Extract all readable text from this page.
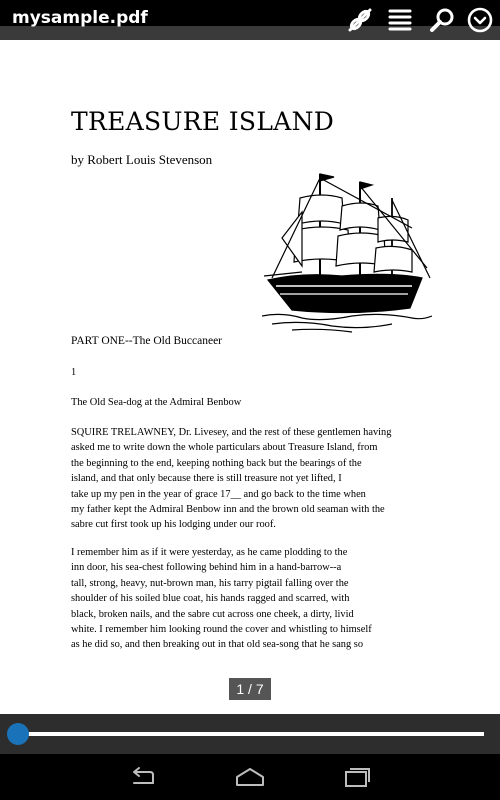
mysample.pdf
TREASURE ISLAND
by Robert Louis Stevenson
PART ONE--The Old Buccaneer
1
The Old Sea-dog at the Admiral Benbow
SQUIRE TRELAWNEY, Dr. Livesey, and the rest of these gentlemen having
asked me to write down the whole particulars about Treasure Island, from
the beginning to the end, keeping nothing back but the bearings of the
island, and that only because there is still treasure not yet lifted, I
take up my pen in the year of grace 17__ and go back to the time when
my father kept the Admiral Benbow inn and the brown old seaman with the
sabre cut first took up his lodging under our roof.
I remember him as if it were yesterday, as he came plodding to the
inn door, his sea-chest following behind him in a hand-barrow--a
tall, strong, heavy, nut-brown man, his tarry pigtail falling over the
shoulder of his soiled blue coat, his hands ragged and scarred, with
black, broken nails, and the sabre cut across one cheek, a dirty, livid
white. I remember him looking round the cover and whistling to himself
as he did so, and then breaking out in that old sea-song that he sang so
1 / 7
